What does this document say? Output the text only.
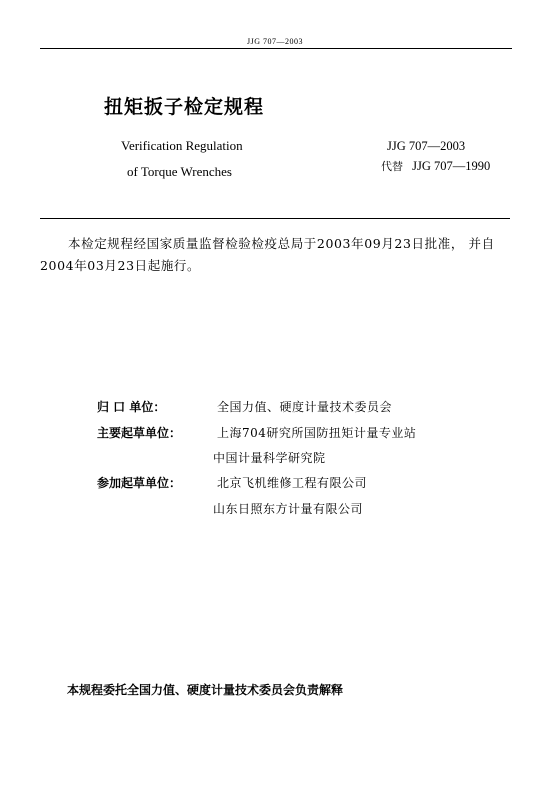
JJG 707—2003
扭矩扳子检定规程
Verification Regulation
of Torque Wrenches
JJG 707—2003
代替 JJG 707—1990
本检定规程经国家质量监督检验检疫总局于2003年09月23日批准， 并自2004年03月23日起施行。
归 口 单位：	全国力值、硬度计量技术委员会
主要起草单位：	上海704研究所国防扭矩计量专业站
中国计量科学研究院
参加起草单位：	北京飞机维修工程有限公司
山东日照东方计量有限公司
本规程委托全国力值、硬度计量技术委员会负责解释
